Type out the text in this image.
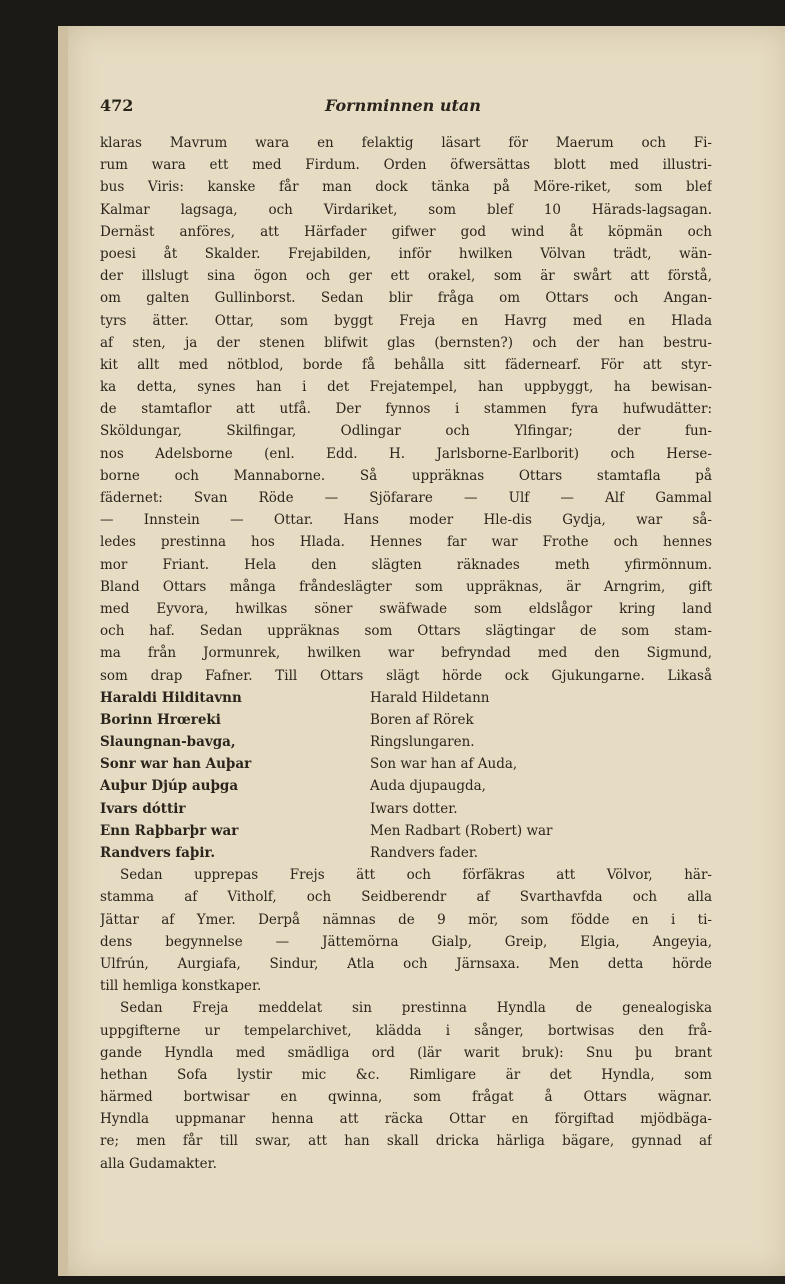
472	Fornminnen utan
klaras Mavrum wara en felaktig läsart för Maerum och Fi-
rum wara ett med Firdum. Orden öfwersättas blott med illustri-
bus Viris: kanske får man dock tänka på Möre-riket, som blef
Kalmar lagsaga, och Virdariket, som blef 10 Härads-lagsagan.
Dernäst anföres, att Härfader gifwer god wind åt köpmän och
poesi åt Skalder. Frejabilden, inför hwilken Völvan trädt, wän-
der illslugt sina ögon och ger ett orakel, som är swårt att förstå,
om galten Gullinborst. Sedan blir fråga om Ottars och Angan-
tyrs ätter. Ottar, som byggt Freja en Havrg med en Hlada
af sten, ja der stenen blifwit glas (bernsten?) och der han bestru-
kit allt med nötblod, borde få behålla sitt fädernearf. För att styr-
ka detta, synes han i det Frejatempel, han uppbyggt, ha bewisan-
de stamtaflor att utfå. Der fynnos i stammen fyra hufwudätter:
Sköldungar, Skilfingar, Odlingar och Ylfingar; der fun-
nos Adelsborne (enl. Edd. H. Jarlsborne-Earlborit) och Herse-
borne och Mannaborne. Så uppräknas Ottars stamtafla på
fädernet: Svan Röde — Sjöfarare — Ulf — Alf Gammal
— Innstein — Ottar. Hans moder Hle-dis Gydja, war så-
ledes prestinna hos Hlada. Hennes far war Frothe och hennes
mor Friant. Hela den slägten räknades meth yfirmönnum.
Bland Ottars många fråndeslägter som uppräknas, är Arngrim, gift
med Eyvora, hwilkas söner swäfwade som eldslågor kring land
och haf. Sedan uppräknas som Ottars slägtingar de som stam-
ma från Jormunrek, hwilken war befryndad med den Sigmund,
som drap Fafner. Till Ottars slägt hörde ock Gjukungarne. Likaså
Haraldi Hilditavnn	Harald Hildetann
Borinn Hrœreki	Boren af Rörek
Slaungnan-bavga,	Ringslungaren.
Sonr war han Auþar	Son war han af Auda,
Auþur Djúp auþga	Auda djupaugda,
Ivars dóttir	Iwars dotter.
Enn Raþbarþr war	Men Radbart (Robert) war
Randvers faþir.	Randvers fader.
Sedan upprepas Frejs ätt och förfäkras att Völvor, här-
stamma af Vitholf, och Seidberendr af Svarthavfda och alla
Jättar af Ymer. Derpå nämnas de 9 mör, som födde en i ti-
dens begynnelse — Jättemörna Gialp, Greip, Elgia, Angeyia,
Ulfrún, Aurgiafa, Sindur, Atla och Järnsaxa. Men detta hörde
till hemliga konstkaper.
Sedan Freja meddelat sin prestinna Hyndla de genealogiska
uppgifterne ur tempelarchivet, klädda i sånger, bortwisas den frå-
gande Hyndla med smädliga ord (lär warit bruk): Snu þu brant
hethan Sofa lystir mic &c. Rimligare är det Hyndla, som
härmed bortwisar en qwinna, som frågat å Ottars wägnar.
Hyndla uppmanar henna att räcka Ottar en förgiftad mjödbäga-
re; men får till swar, att han skall dricka härliga bägare, gynnad af
alla Gudamakter.
